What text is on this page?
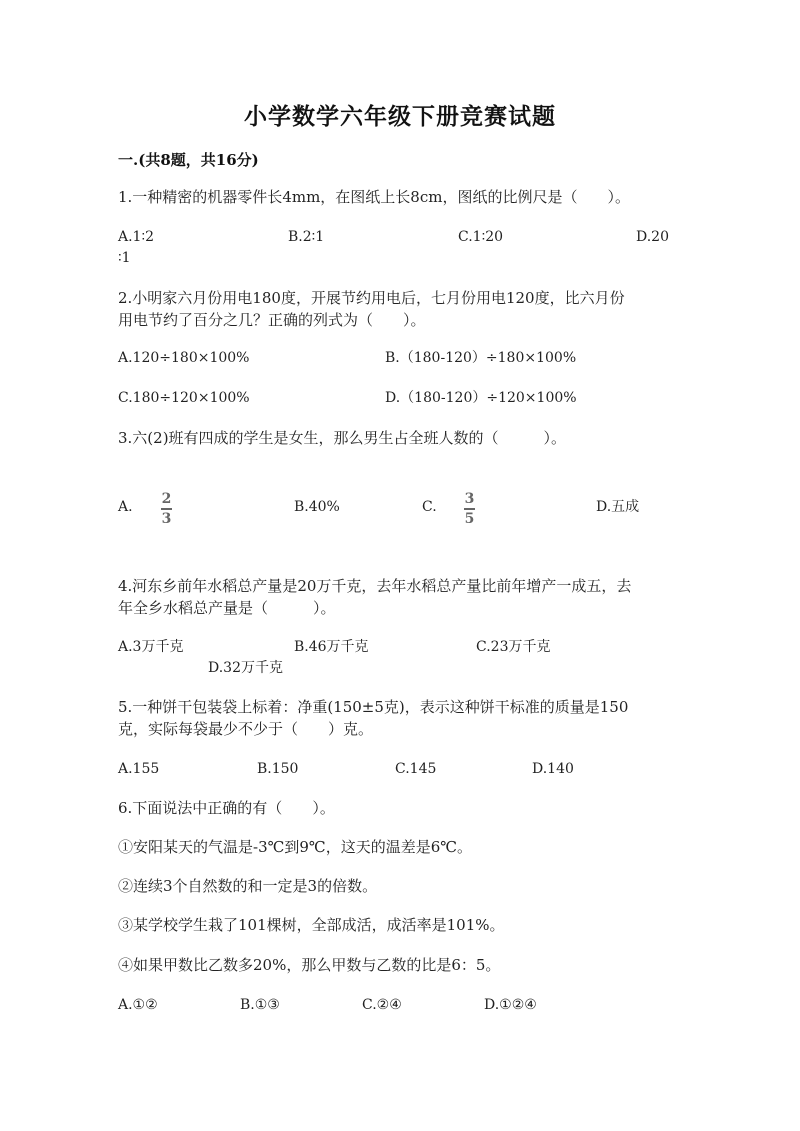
小学数学六年级下册竞赛试题
一.(共8题，共16分)
1.一种精密的机器零件长4mm，在图纸上长8cm，图纸的比例尺是（　　）。
A.1∶2	B.2∶1	C.1∶20	D.20
∶1
2.小明家六月份用电180度，开展节约用电后，七月份用电120度，比六月份
用电节约了百分之几？正确的列式为（　　）。
A.120÷180×100%	B.（180-120）÷180×100%
C.180÷120×100%	D.（180-120）÷120×100%
3.六(2)班有四成的学生是女生，那么男生占全班人数的（　　　）。
A. 2
3
B.40%	C. 3
5
D.五成
4.河东乡前年水稻总产量是20万千克，去年水稻总产量比前年增产一成五，去
年全乡水稻总产量是（　　　）。
A.3万千克	B.46万千克	C.23万千克
D.32万千克
5.一种饼干包装袋上标着：净重(150±5克)，表示这种饼干标准的质量是150
克，实际每袋最少不少于（　　）克。
A.155	B.150	C.145	D.140
6.下面说法中正确的有（　　）。
①安阳某天的气温是-3℃到9℃，这天的温差是6℃。
②连续3个自然数的和一定是3的倍数。
③某学校学生栽了101棵树，全部成活，成活率是101%。
④如果甲数比乙数多20%，那么甲数与乙数的比是6：5。
A.①②	B.①③	C.②④	D.①②④
